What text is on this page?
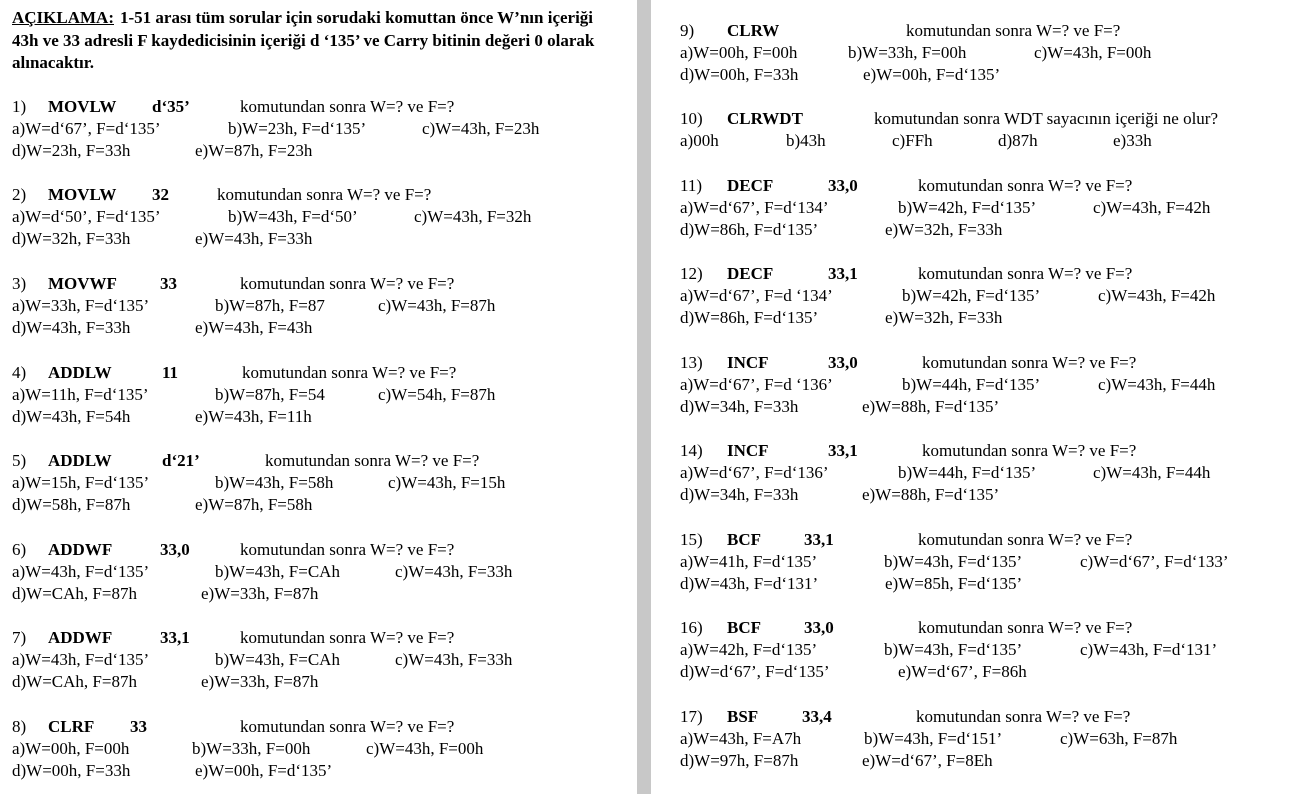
AÇIKLAMA: 1-51 arası tüm sorular için sorudaki komuttan önce W’nın içeriği 43h ve 33 adresli F kaydedicisinin içeriği d ‘135’ ve Carry bitinin değeri 0 olarak alınacaktır.
1) MOVLW d‘35’	komutundan sonra W=? ve F=?
a)W=d‘67’, F=d‘135’	b)W=23h, F=d‘135’	c)W=43h, F=23h
d)W=23h, F=33h	e)W=87h, F=23h
2) MOVLW 32	komutundan sonra W=? ve F=?
a)W=d‘50’, F=d‘135’	b)W=43h, F=d‘50’	c)W=43h, F=32h
d)W=32h, F=33h	e)W=43h, F=33h
3) MOVWF	33	komutundan sonra W=? ve F=?
a)W=33h, F=d‘135’	b)W=87h, F=87	c)W=43h, F=87h
d)W=43h, F=33h	e)W=43h, F=43h
4) ADDLW	11	komutundan sonra W=? ve F=?
a)W=11h, F=d‘135’	b)W=87h, F=54	c)W=54h, F=87h
d)W=43h, F=54h	e)W=43h, F=11h
5) ADDLW	d‘21’	komutundan sonra W=? ve F=?
a)W=15h, F=d‘135’	b)W=43h, F=58h	c)W=43h, F=15h
d)W=58h, F=87h	e)W=87h, F=58h
6) ADDWF	33,0	komutundan sonra W=? ve F=?
a)W=43h, F=d‘135’	b)W=43h, F=CAh	c)W=43h, F=33h
d)W=CAh, F=87h	e)W=33h, F=87h
7) ADDWF	33,1	komutundan sonra W=? ve F=?
a)W=43h, F=d‘135’	b)W=43h, F=CAh	c)W=43h, F=33h
d)W=CAh, F=87h	e)W=33h, F=87h
8) CLRF 33	komutundan sonra W=? ve F=?
a)W=00h, F=00h	b)W=33h, F=00h	c)W=43h, F=00h
d)W=00h, F=33h	e)W=00h, F=d‘135’
9) CLRW	komutundan sonra W=? ve F=?
a)W=00h, F=00h	b)W=33h, F=00h	c)W=43h, F=00h
d)W=00h, F=33h	e)W=00h, F=d‘135’
10) CLRWDT	komutundan sonra WDT sayacının içeriği ne olur?
a)00h	b)43h	c)FFh	d)87h	e)33h
11) DECF	33,0	komutundan sonra W=? ve F=?
a)W=d‘67’, F=d‘134’	b)W=42h, F=d‘135’	c)W=43h, F=42h
d)W=86h, F=d‘135’	e)W=32h, F=33h
12) DECF	33,1	komutundan sonra W=? ve F=?
a)W=d‘67’, F=d ‘134’	b)W=42h, F=d‘135’	c)W=43h, F=42h
d)W=86h, F=d‘135’	e)W=32h, F=33h
13) INCF	33,0	komutundan sonra W=? ve F=?
a)W=d‘67’, F=d ‘136’	b)W=44h, F=d‘135’	c)W=43h, F=44h
d)W=34h, F=33h	e)W=88h, F=d‘135’
14) INCF	33,1	komutundan sonra W=? ve F=?
a)W=d‘67’, F=d‘136’	b)W=44h, F=d‘135’	c)W=43h, F=44h
d)W=34h, F=33h	e)W=88h, F=d‘135’
15) BCF	33,1	komutundan sonra W=? ve F=?
a)W=41h, F=d‘135’	b)W=43h, F=d‘135’	c)W=d‘67’, F=d‘133’
d)W=43h, F=d‘131’	e)W=85h, F=d‘135’
16) BCF	33,0	komutundan sonra W=? ve F=?
a)W=42h, F=d‘135’	b)W=43h, F=d‘135’	c)W=43h, F=d‘131’
d)W=d‘67’, F=d‘135’	e)W=d‘67’, F=86h
17) BSF	33,4	komutundan sonra W=? ve F=?
a)W=43h, F=A7h	b)W=43h, F=d‘151’	c)W=63h, F=87h
d)W=97h, F=87h	e)W=d‘67’, F=8Eh
